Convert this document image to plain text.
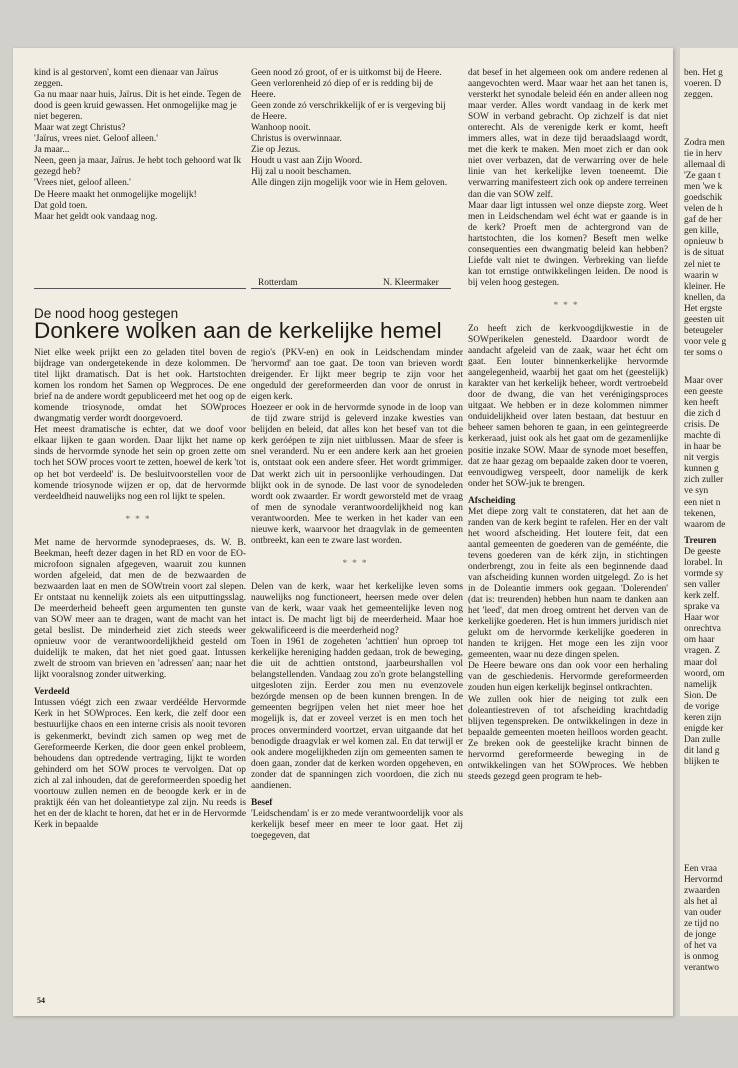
kind is al gestorven', komt een dienaar van Jaïrus zeggen.

Ga nu maar naar huis, Jaïrus. Dit is het einde. Tegen de dood is geen kruid gewassen. Het onmogelijke mag je niet begeren.

Maar wat zegt Christus?

'Jaïrus, vrees niet. Geloof alleen.'

Ja maar...

Neen, geen ja maar, Jaïrus. Je hebt toch gehoord wat Ik gezegd heb?

'Vrees niet, geloof alleen.'

De Heere maakt het onmogelijke mogelijk!

Dat gold toen.

Maar het geldt ook vandaag nog.

Geen nood zó groot, of er is uitkomst bij de Heere.

Geen verlorenheid zó diep of er is redding bij de Heere.

Geen zonde zó verschrikkelijk of er is vergeving bij de Heere.

Wanhoop nooit.

Christus is overwinnaar.

Zie op Jezus.

Houdt u vast aan Zijn Woord.

Hij zal u nooit beschamen.

Alle dingen zijn mogelijk voor wie in Hem geloven.

Rotterdam	N. Kleermaker
De nood hoog gestegen
Donkere wolken aan de kerkelijke hemel

Niet elke week prijkt een zo geladen titel boven de bijdrage van ondergetekende in deze kolommen. De titel lijkt dramatisch. Dat is het ook. Hartstochten komen los rondom het Samen op Wegproces. De ene brief na de andere wordt gepubliceerd met het oog op de komende triosynode, omdat het SOWproces dwangmatig verder wordt doorgevoerd.

Het meest dramatische is echter, dat we doof voor elkaar lijken te gaan worden. Daar lijkt het name op sinds de hervormde synode het sein op groen zette om toch het SOW proces voort te zetten, hoewel de kerk 'tot op het bot verdeeld' is. De besluitvoorstellen voor de komende triosynode wijzen er op, dat de hervormde verdeeldheid nauwelijks nog een rol lijkt te spelen.

***

Met name de hervormde synodepraeses, ds. W. B. Beekman, heeft dezer dagen in het RD en voor de EO-microfoon signalen afgegeven, waaruit zou kunnen worden afgeleid, dat men de de bezwaarden de bezwaarden laat en men de SOWtrein voort zal slepen. Er ontstaat nu kennelijk zoiets als een uitputtingsslag. De meerderheid beheeft geen argumenten ten gunste van SOW meer aan te dragen, want de macht van het getal beslist. De minderheid ziet zich steeds weer opnieuw voor de verantwoordelijkheid gesteld om duidelijk te maken, dat het niet goed gaat. Intussen zwelt de stroom van brieven en 'adressen' aan; naar het lijkt vooralsnog zonder uitwerking.

Verdeeld

Intussen vóégt zich een zwaar verdéélde Hervormde Kerk in het SOWproces. Een kerk, die zelf door een bestuurlijke chaos en een interne crisis als nooit tevoren is gekenmerkt, bevindt zich samen op weg met de Gereformeerde Kerken, die door geen enkel probleem, behoudens dan optredende vertraging, lijkt te worden gehinderd om het SOW proces te vervolgen. Dat op zich al zal inhouden, dat de gereformeerden spoedig het voortouw zullen nemen en de beoogde kerk er in de praktijk één van het doleantietype zal zijn. Nu reeds is het en der de klacht te horen, dat het er in de Hervormde Kerk in bepaalde

regio's (PKV-en) en ook in Leidschendam minder 'hervormd' aan toe gaat. De toon van brieven wordt dreigender. Er lijkt meer begrip te zijn voor het ongeduld der gereformeerden dan voor de onrust in eigen kerk.

Hoezeer er ook in de hervormde synode in de loop van de tijd zware strijd is geleverd inzake kwesties van belijden en beleid, dat alles kon het besef van tot die kerk geróépen te zijn niet uitblussen. Maar de sfeer is snel veranderd. Nu er een andere kerk aan het groeien is, ontstaat ook een andere sfeer. Het wordt grimmiger. Dat werkt zich uit in persoonlijke verhoudingen. Dat blijkt ook in de synode. De last voor de synodeleden wordt ook zwaarder. Er wordt geworsteld met de vraag of men de synodale verantwoordelijkheid nog kan verantwoorden. Mee te werken in het kader van een nieuwe kerk, waarvoor het draagvlak in de gemeenten ontbreekt, kan een te zware last worden.

***

Delen van de kerk, waar het kerkelijke leven soms nauwelijks nog functioneert, heersen mede over delen van de kerk, waar vaak het gemeentelijke leven nog intact is. De macht ligt bij de meerderheid. Maar hoe gekwalificeerd is die meerderheid nog?

Toen in 1961 de zogeheten 'achttien' hun oproep tot kerkelijke hereniging hadden gedaan, trok de beweging, die uit de achttien ontstond, jaarbeurshallen vol belangstellenden. Vandaag zou zo'n grote belangstelling uitgesloten zijn. Eerder zou men nu evenzovele bezórgde mensen op de been kunnen brengen. In de gemeenten begrijpen velen het niet meer hoe het mogelijk is, dat er zoveel verzet is en men toch het proces onverminderd voortzet, ervan uitgaande dat het benodigde draagvlak er wel komen zal. En dat terwijl er ook andere mogelijkheden zijn om gemeenten samen te doen gaan, zonder dat de kerken worden opgeheven, en zonder dat de spanningen zich voordoen, die zich nu aandienen.

Besef

'Leidschendam' is er zo mede verantwoordelijk voor als kerkelijk besef meer en meer te loor gaat. Het zij toegegeven, dat

dat besef in het algemeen ook om andere redenen al aangevochten werd. Maar waar het aan het tanen is, versterkt het synodale beleid één en ander alleen nog maar verder. Alles wordt vandaag in de kerk met SOW in verband gebracht. Op zichzelf is dat niet onterecht. Als de verenigde kerk er komt, heeft immers alles, wat in deze tijd beraadslaagd wordt, met die kerk te maken. Men moet zich er dan ook niet over verbazen, dat de verwarring over de hele linie van het kerkelijke leven toeneemt. Die verwarring manifesteert zich ook op andere terreinen dan die van SOW zelf.

Maar daar ligt intussen wel onze diepste zorg. Weet men in Leidschendam wel écht wat er gaande is in de kerk? Proeft men de achtergrond van de hartstochten, die los komen? Beseft men welke consequenties een dwangmatig beleid kan hebben? Liefde valt niet te dwingen. Verbreking van liefde kan tot ernstige ontwikkelingen leiden. De nood is bij velen hoog gestegen.

***

Zo heeft zich de kerkvoogdijkwestie in de SOWperikelen genesteld. Daardoor wordt de aandacht afgeleid van de zaak, waar het écht om gaat. Een louter binnenkerkelijke hervormde aangelegenheid, waarbij het gaat om het (geestelijk) karakter van het kerkelijk beheer, wordt vertroebeld door de dwang, die van het verénigingsproces uitgaat. We hebben er in deze kolommen nimmer onduidelijkheid over laten bestaan, dat bestuur en beheer samen behoren te gaan, in een geïntegreerde kerkeraad, juist ook als het gaat om de gezamenlijke positie inzake SOW. Maar de synode moet beseffen, dat ze haar gezag om bepaalde zaken door te voeren, eenvoudigweg verspeelt, door namelijk de kerk onder het SOW-juk te brengen.

Afscheiding

Met diepe zorg valt te constateren, dat het aan de randen van de kerk begint te rafelen. Her en der valt het woord afscheiding. Het loutere feit, dat een aantal gemeenten de goederen van de geméénte, die tevens goederen van de kérk zijn, in stichtingen onderbrengt, zou in feite als een beginnende daad van afscheiding kunnen worden uitgelegd. Zo is het in de Doleantie immers ook gegaan. 'Dolerenden' (dat is: treurenden) hebben hun naam te danken aan het 'leed', dat men droeg omtrent het derven van de kerkelijke goederen. Het is hun immers juridisch niet gelukt om de hervormde kerkelijke goederen in handen te krijgen. Het moge een les zijn voor gemeenten, waar nu deze dingen spelen.

De Heere beware ons dan ook voor een herhaling van de geschiedenis. Hervormde gereformeerden zouden hun eigen kerkelijk beginsel ontkrachten.

We zullen ook hier de neiging tot zulk een doleantiestreven of tot afscheiding krachtdadig blijven tegenspreken. De ontwikkelingen in deze in bepaalde gemeenten moeten heilloos worden geacht. Ze breken ook de geestelijke kracht binnen de hervormd gereformeerde beweging in de ontwikkelingen van het SOWproces. We hebben steeds gezegd geen program te heb-

54
ben. Het g
voeren. D
zeggen.
Zodra men
tie in herv
allemaal di
'Ze gaan t
men 'we k
goedschik
velen de h
gaf de her
gen kille,
opnieuw b
is de situat
zel niet te
waarin w
kleiner. He
knellen, da
Het ergste
geesten uit
beteugeler
voor vele g
ter soms o
Maar over
een geeste
ken heeft
die zich d
crisis. De
machte di
in haar be
nit vergis
kunnen g
zich zuller
ve syn
een niet n
tekenen,
waarom de
Treuren
De geeste
lorabel. In
vormde sy
sen valler
kerk zelf.
sprake va
Haar wor
onrechtva
om haar
vragen. Z
maar dol
woord, om
namelijk
Sion. De
de vorige
keren zijn
enigde ker
Dan zulle
dit land g
blijken te
Een vraa
Hervormd
zwaarden
als het al
van ouder
ze tijd no
de jonge
of het va
is onmog
verantwo
